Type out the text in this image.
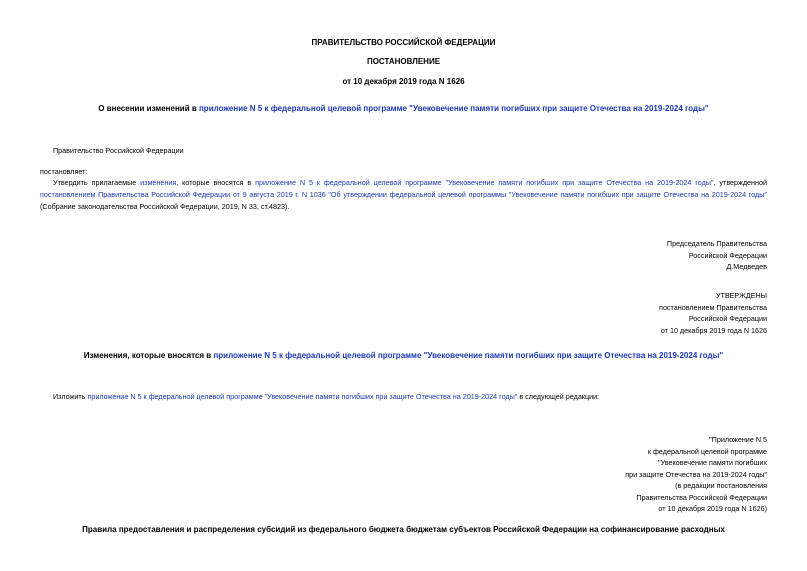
ПРАВИТЕЛЬСТВО РОССИЙСКОЙ ФЕДЕРАЦИИ
ПОСТАНОВЛЕНИЕ
от 10 декабря 2019 года N 1626
О внесении изменений в приложение N 5 к федеральной целевой программе "Увековечение памяти погибших при защите Отечества на 2019-2024 годы"
Правительство Российской Федерации
постановляет:
Утвердить прилагаемые изменения, которые вносятся в приложение N 5 к федеральной целевой программе "Увековечение памяти погибших при защите Отечества на 2019-2024 годы", утвержденной постановлением Правительства Российской Федерации от 9 августа 2019 г. N 1036 "Об утверждении федеральной целевой программы "Увековечение памяти погибших при защите Отечества на 2019-2024 годы" (Собрание законодательства Российской Федерации, 2019, N 33, ст.4823).
Председатель Правительства
Российской Федерации
Д.Медведев
УТВЕРЖДЕНЫ
постановлением Правительства
Российской Федерации
от 10 декабря 2019 года N 1626
Изменения, которые вносятся в приложение N 5 к федеральной целевой программе "Увековечение памяти погибших при защите Отечества на 2019-2024 годы"
Изложить приложение N 5 к федеральной целевой программе "Увековечение памяти погибших при защите Отечества на 2019-2024 годы" в следующей редакции:
"Приложение N 5
к федеральной целевой программе
"Увековечение памяти погибших
при защите Отечества на 2019-2024 годы"
(в редакции постановления
Правительства Российской Федерации
от 10 декабря 2019 года N 1626)
Правила предоставления и распределения субсидий из федерального бюджета бюджетам субъектов Российской Федерации на софинансирование расходных
